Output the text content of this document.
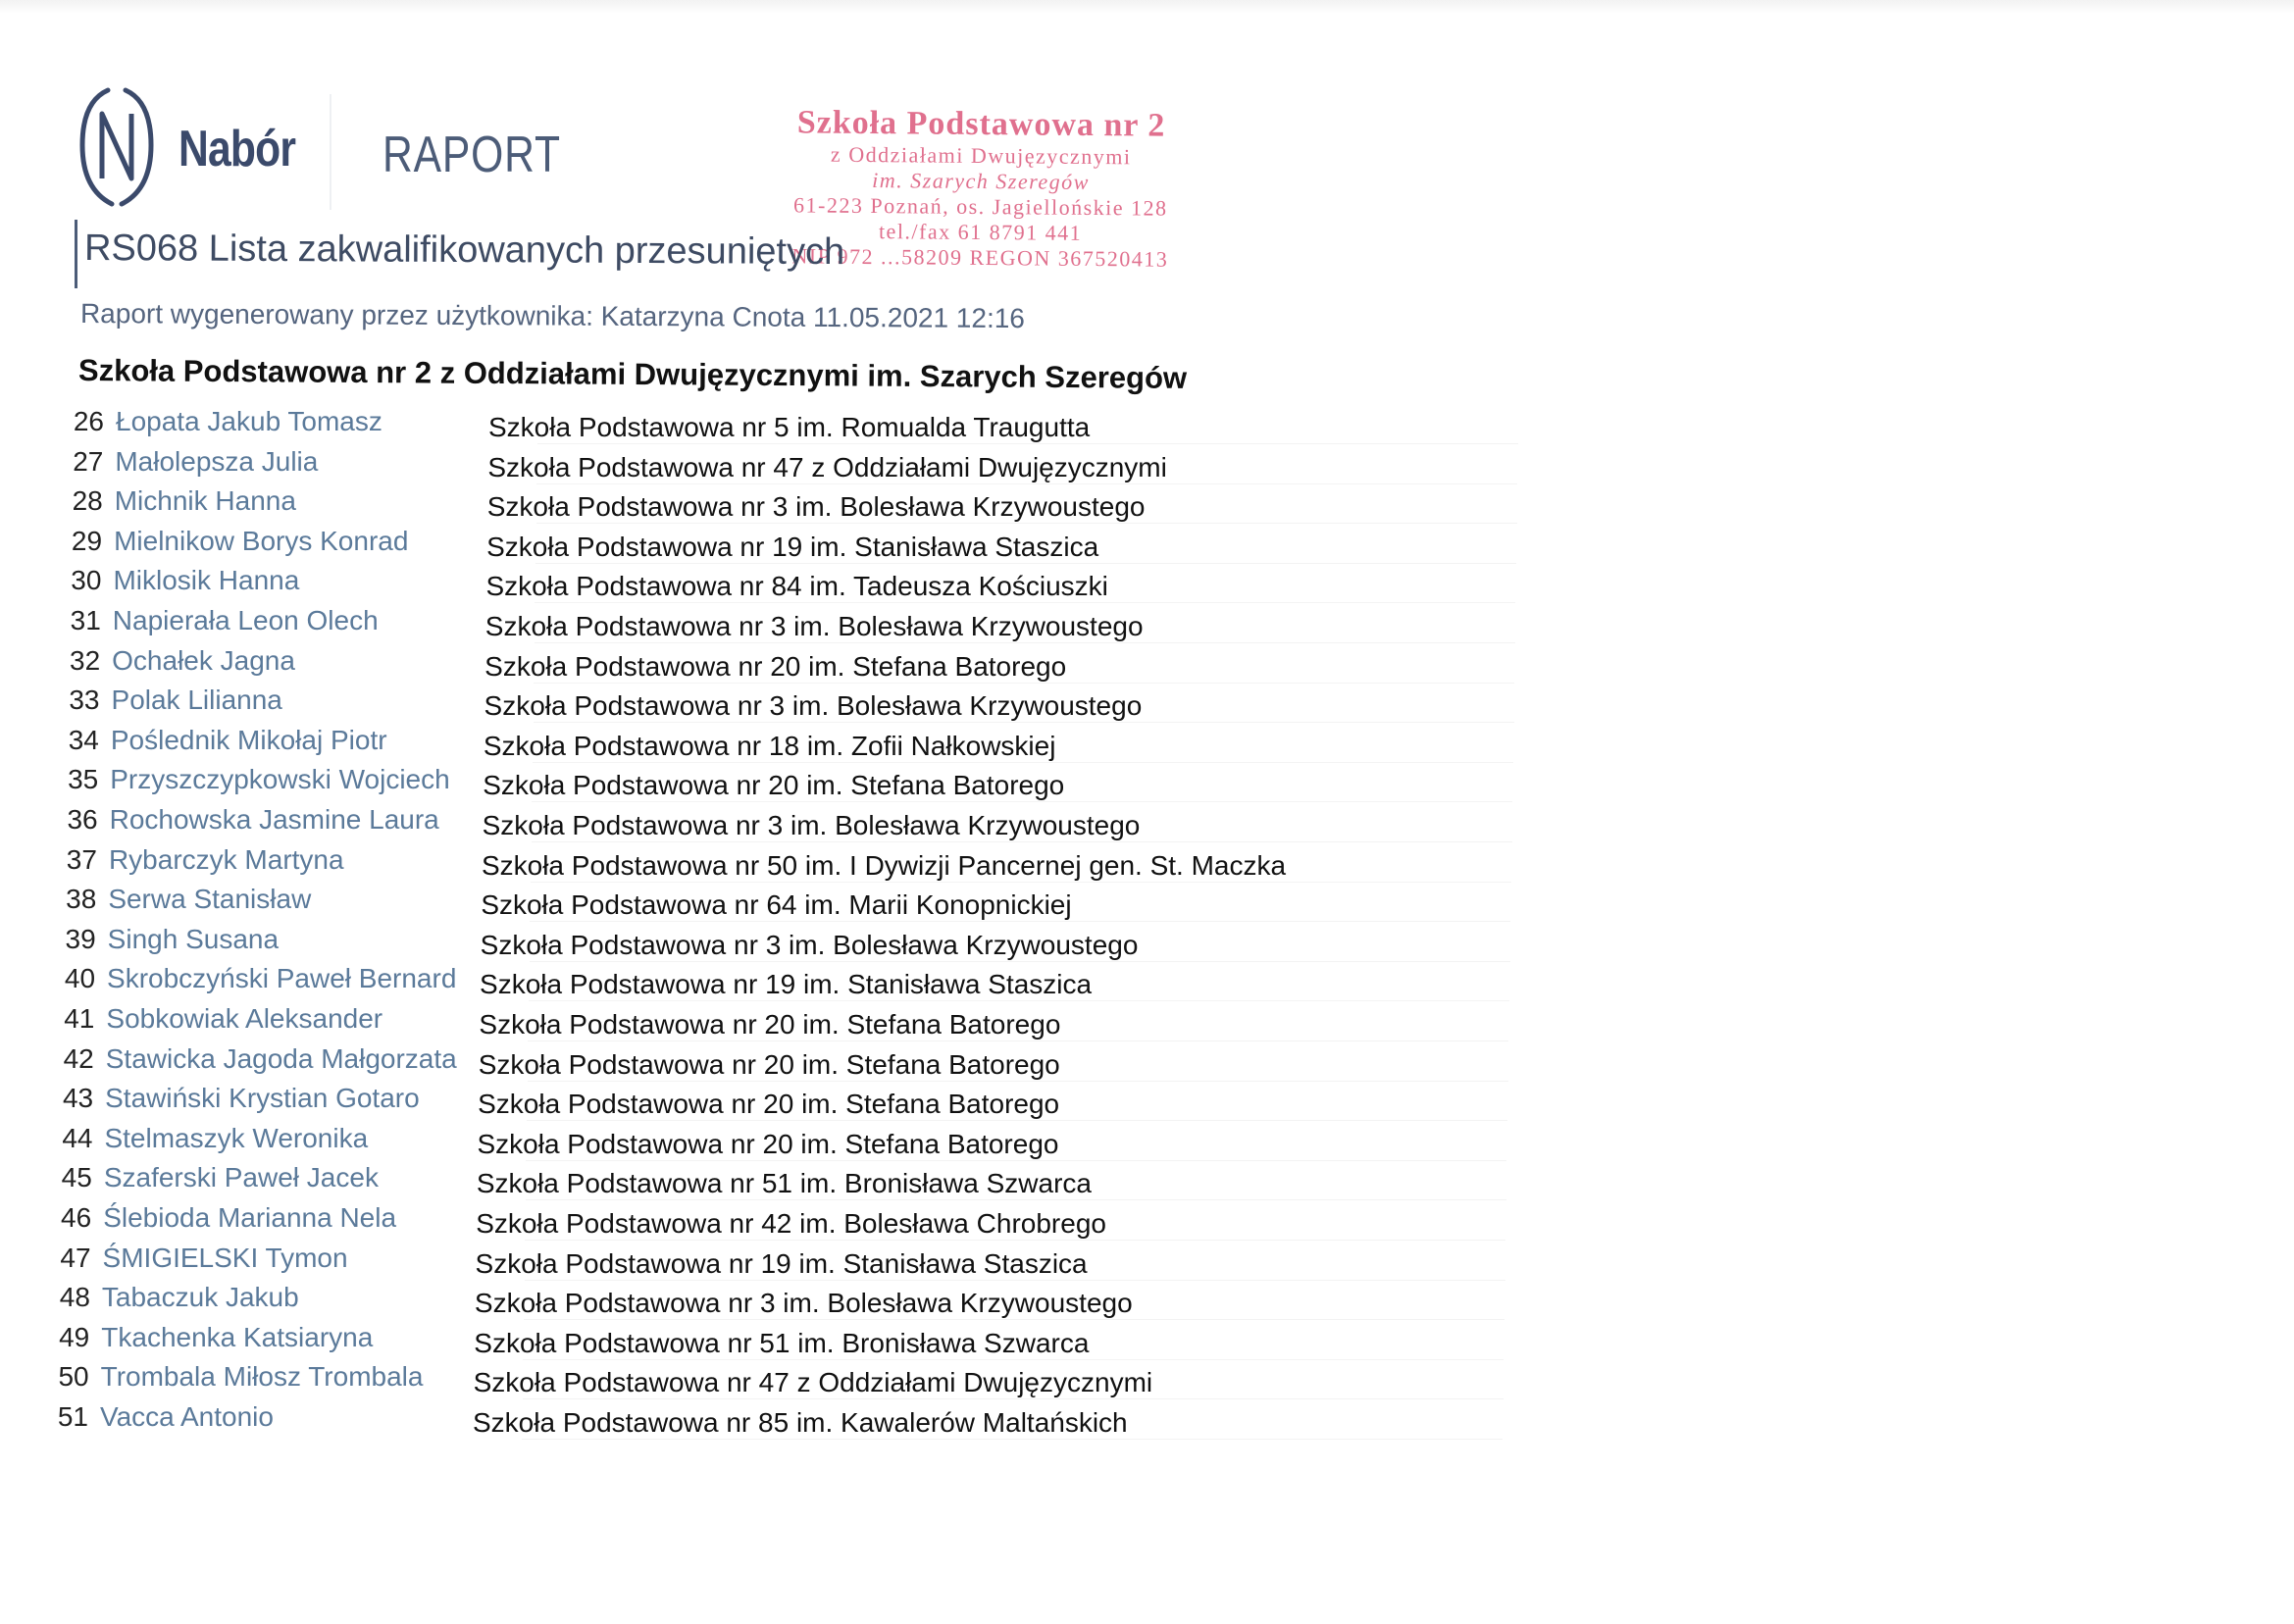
Nabór RAPORT
Szkoła Podstawowa nr 2
z Oddziałami Dwujęzycznymi
im. Szarych Szeregów
61-223 Poznań, os. Jagiellońskie 128
tel./fax 61 8791 441
NIP 972 ...58209 REGON 367520413
RS068 Lista zakwalifikowanych przesuniętych
Raport wygenerowany przez użytkownika: Katarzyna Cnota 11.05.2021 12:16
Szkoła Podstawowa nr 2 z Oddziałami Dwujęzycznymi im. Szarych Szeregów
26 Łopata Jakub Tomasz	Szkoła Podstawowa nr 5 im. Romualda Traugutta
27 Małolepsza Julia	Szkoła Podstawowa nr 47 z Oddziałami Dwujęzycznymi
28 Michnik Hanna	Szkoła Podstawowa nr 3 im. Bolesława Krzywoustego
29 Mielnikow Borys Konrad	Szkoła Podstawowa nr 19 im. Stanisława Staszica
30 Miklosik Hanna	Szkoła Podstawowa nr 84 im. Tadeusza Kościuszki
31 Napierała Leon Olech	Szkoła Podstawowa nr 3 im. Bolesława Krzywoustego
32 Ochałek Jagna	Szkoła Podstawowa nr 20 im. Stefana Batorego
33 Polak Lilianna	Szkoła Podstawowa nr 3 im. Bolesława Krzywoustego
34 Poślednik Mikołaj Piotr	Szkoła Podstawowa nr 18 im. Zofii Nałkowskiej
35 Przyszczypkowski Wojciech Szkoła Podstawowa nr 20 im. Stefana Batorego
36 Rochowska Jasmine Laura Szkoła Podstawowa nr 3 im. Bolesława Krzywoustego
37 Rybarczyk Martyna	Szkoła Podstawowa nr 50 im. I Dywizji Pancernej gen. St. Maczka
38 Serwa Stanisław	Szkoła Podstawowa nr 64 im. Marii Konopnickiej
39 Singh Susana	Szkoła Podstawowa nr 3 im. Bolesława Krzywoustego
40 Skrobczyński Paweł Bernard Szkoła Podstawowa nr 19 im. Stanisława Staszica
41 Sobkowiak Aleksander	Szkoła Podstawowa nr 20 im. Stefana Batorego
42 Stawicka Jagoda Małgorzata Szkoła Podstawowa nr 20 im. Stefana Batorego
43 Stawiński Krystian Gotaro Szkoła Podstawowa nr 20 im. Stefana Batorego
44 Stelmaszyk Weronika	Szkoła Podstawowa nr 20 im. Stefana Batorego
45 Szaferski Paweł Jacek	Szkoła Podstawowa nr 51 im. Bronisława Szwarca
46 Ślebioda Marianna Nela	Szkoła Podstawowa nr 42 im. Bolesława Chrobrego
47 ŚMIGIELSKI Tymon	Szkoła Podstawowa nr 19 im. Stanisława Staszica
48 Tabaczuk Jakub	Szkoła Podstawowa nr 3 im. Bolesława Krzywoustego
49 Tkachenka Katsiaryna	Szkoła Podstawowa nr 51 im. Bronisława Szwarca
50 Trombala Miłosz Trombala Szkoła Podstawowa nr 47 z Oddziałami Dwujęzycznymi
51 Vacca Antonio	Szkoła Podstawowa nr 85 im. Kawalerów Maltańskich
